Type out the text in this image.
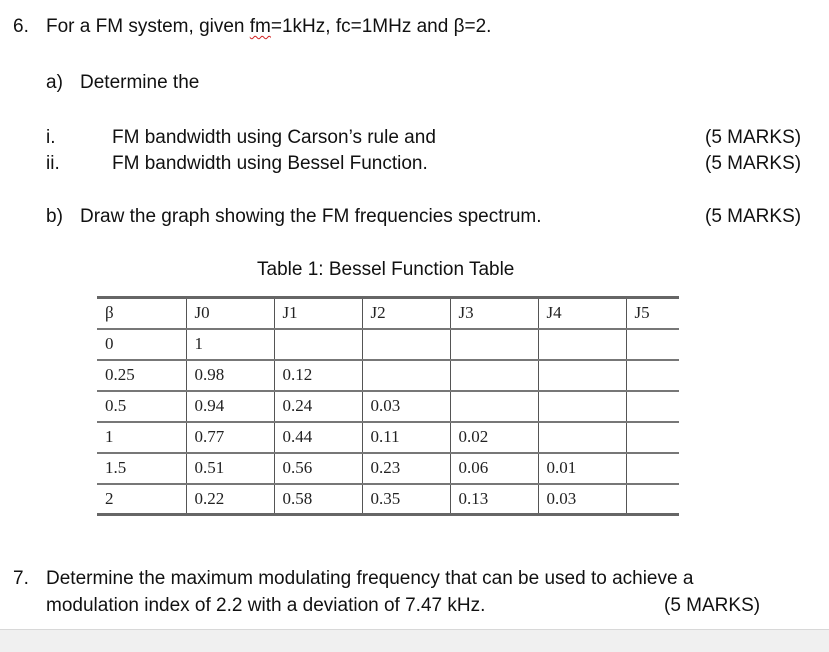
6. For a FM system, given fm=1kHz, fc=1MHz and β=2.
a) Determine the
i.	FM bandwidth using Carson’s rule and	(5 MARKS)
ii.	FM bandwidth using Bessel Function.	(5 MARKS)
b) Draw the graph showing the FM frequencies spectrum.	(5 MARKS)
Table 1: Bessel Function Table
β	J0	J1	J2	J3	J4	J5
0	1					
0.25	0.98	0.12				
0.5	0.94	0.24	0.03			
1	0.77	0.44	0.11	0.02		
1.5	0.51	0.56	0.23	0.06	0.01	
2	0.22	0.58	0.35	0.13	0.03	
7. Determine the maximum modulating frequency that can be used to achieve a
modulation index of 2.2 with a deviation of 7.47 kHz.	(5 MARKS)
